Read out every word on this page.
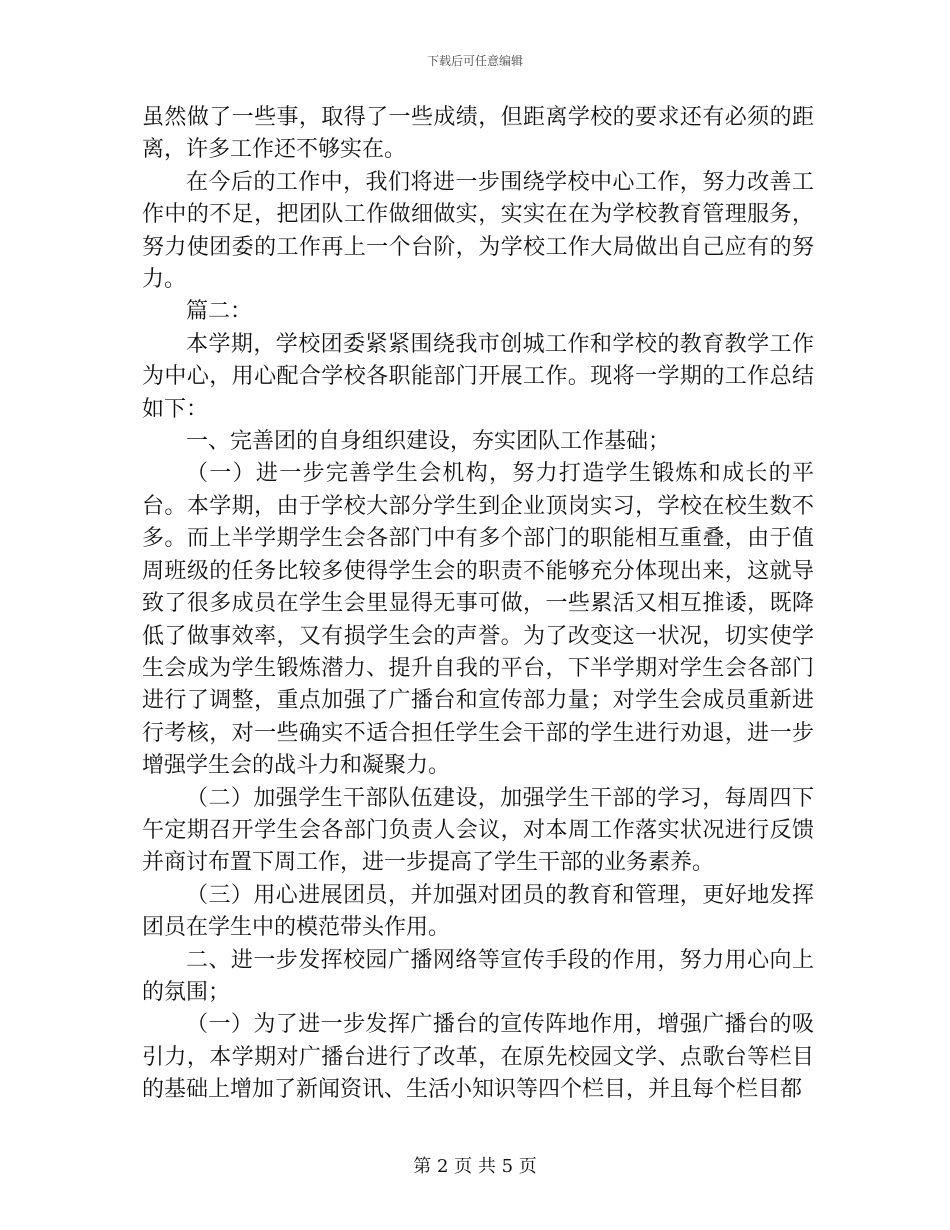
下载后可任意编辑

虽然做了一些事，取得了一些成绩，但距离学校的要求还有必须的距离，许多工作还不够实在。

在今后的工作中，我们将进一步围绕学校中心工作，努力改善工作中的不足，把团队工作做细做实，实实在在为学校教育管理服务，努力使团委的工作再上一个台阶，为学校工作大局做出自己应有的努力。

篇二：

本学期，学校团委紧紧围绕我市创城工作和学校的教育教学工作为中心，用心配合学校各职能部门开展工作。现将一学期的工作总结如下：

一、完善团的自身组织建设，夯实团队工作基础；

（一）进一步完善学生会机构，努力打造学生锻炼和成长的平台。本学期，由于学校大部分学生到企业顶岗实习，学校在校生数不多。而上半学期学生会各部门中有多个部门的职能相互重叠，由于值周班级的任务比较多使得学生会的职责不能够充分体现出来，这就导致了很多成员在学生会里显得无事可做，一些累活又相互推诿，既降低了做事效率，又有损学生会的声誉。为了改变这一状况，切实使学生会成为学生锻炼潜力、提升自我的平台，下半学期对学生会各部门进行了调整，重点加强了广播台和宣传部力量；对学生会成员重新进行考核，对一些确实不适合担任学生会干部的学生进行劝退，进一步增强学生会的战斗力和凝聚力。

（二）加强学生干部队伍建设，加强学生干部的学习，每周四下午定期召开学生会各部门负责人会议，对本周工作落实状况进行反馈并商讨布置下周工作，进一步提高了学生干部的业务素养。

（三）用心进展团员，并加强对团员的教育和管理，更好地发挥团员在学生中的模范带头作用。

二、进一步发挥校园广播网络等宣传手段的作用，努力用心向上的氛围；

（一）为了进一步发挥广播台的宣传阵地作用，增强广播台的吸引力，本学期对广播台进行了改革，在原先校园文学、点歌台等栏目的基础上增加了新闻资讯、生活小知识等四个栏目，并且每个栏目都

第 2 页 共 5 页
